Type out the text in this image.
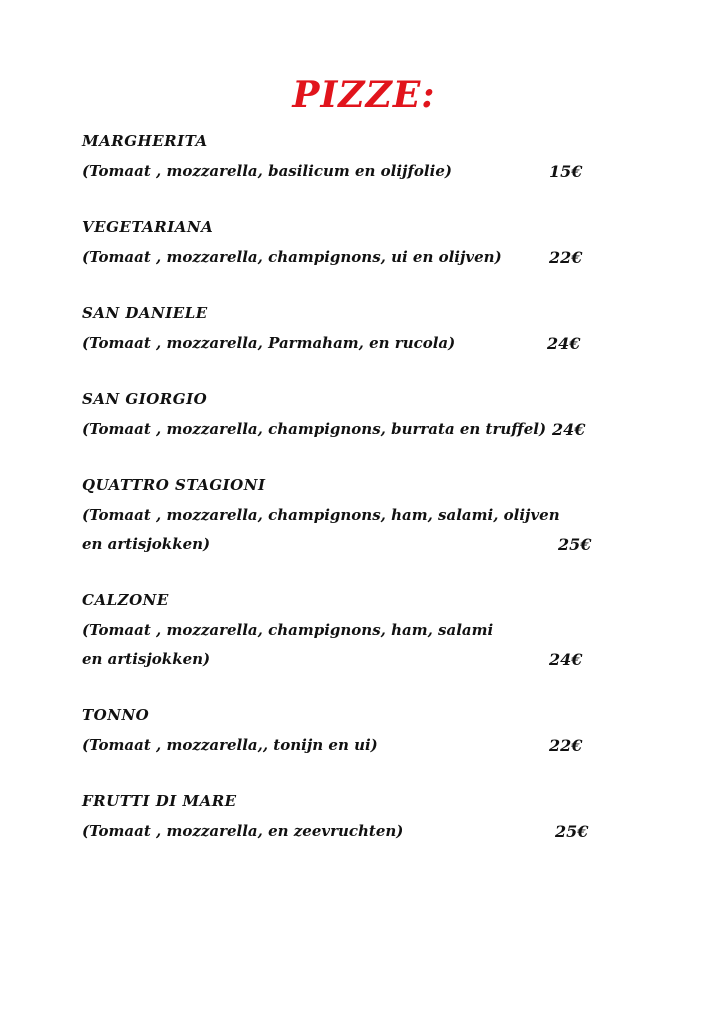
PIZZE:
MARGHERITA
(Tomaat , mozzarella, basilicum en olijfolie)	15€
VEGETARIANA
(Tomaat , mozzarella, champignons, ui en olijven)	22€
SAN DANIELE
(Tomaat , mozzarella, Parmaham, en rucola)	24€
SAN GIORGIO
(Tomaat , mozzarella, champignons, burrata en truffel) 24€
QUATTRO STAGIONI
(Tomaat , mozzarella, champignons, ham, salami, olijven
en artisjokken)	25€
CALZONE
(Tomaat , mozzarella, champignons, ham, salami
en artisjokken)	24€
TONNO
(Tomaat , mozzarella,, tonijn en ui)	22€
FRUTTI DI MARE
(Tomaat , mozzarella, en zeevruchten)	25€
